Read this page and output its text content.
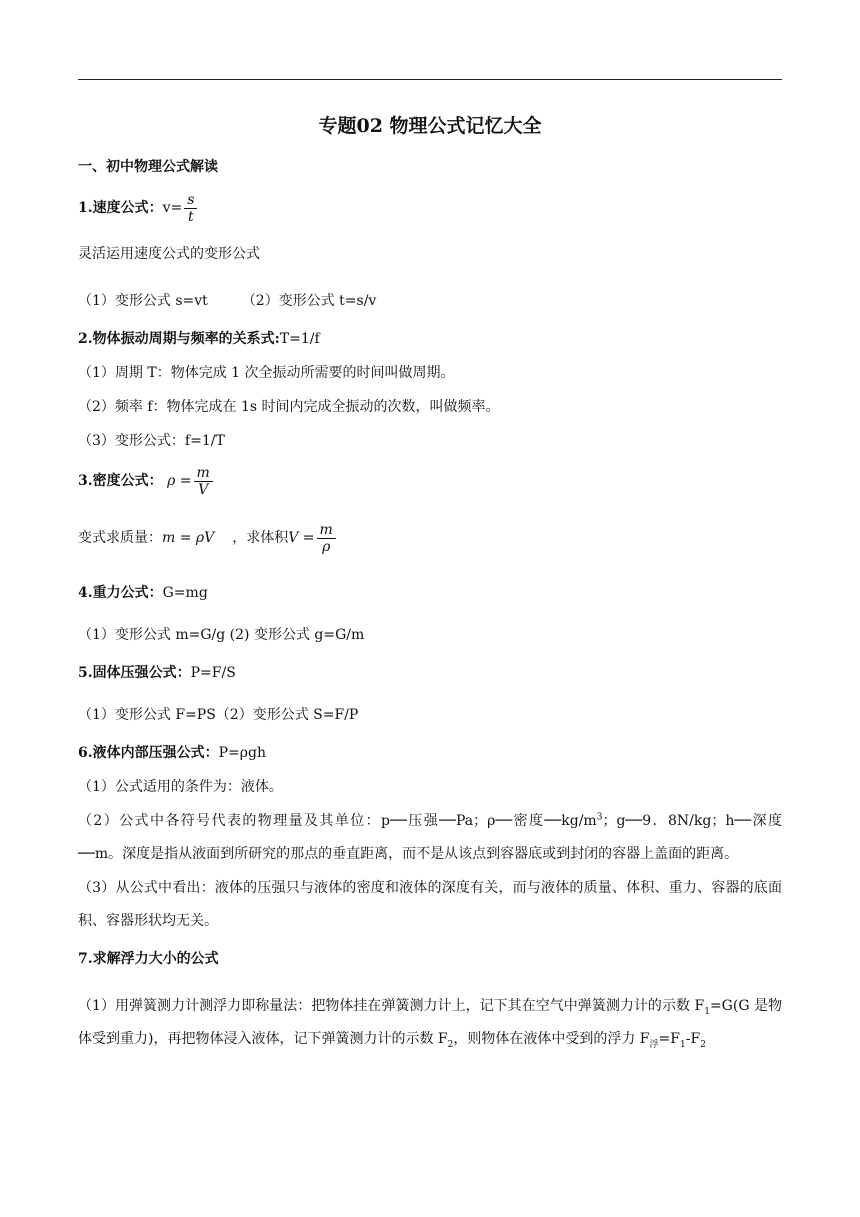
专题02 物理公式记忆大全
一、初中物理公式解读
1.速度公式：$v= \frac{s}{t}$
灵活运用速度公式的变形公式
（1）变形公式 s=vt （2）变形公式 t=s/v
2.物体振动周期与频率的关系式:T=1/f
（1）周期 T：物体完成 1 次全振动所需要的时间叫做周期。
（2）频率 f：物体完成在 1s 时间内完成全振动的次数，叫做频率。
（3）变形公式：f=1/T
3.密度公式： $\rho = \frac{m}{V}$
变式求质量：m = ρV ，求体积$V = \frac{m}{\rho}$
4.重力公式：G=mg
（1）变形公式 m=G/g (2) 变形公式 g=G/m
5.固体压强公式：P=F/S
（1）变形公式 F=PS（2）变形公式 S=F/P
6.液体内部压强公式：P=ρgh
（1）公式适用的条件为：液体。
（2）公式中各符号代表的物理量及其单位：p──压强──Pa；ρ──密度$──kg/m^3$；g──9．8N/kg；h──深度──m。深度是指从液面到所研究的那点的垂直距离，而不是从该点到容器底或到封闭的容器上盖面的距离。
（3）从公式中看出：液体的压强只与液体的密度和液体的深度有关，而与液体的质量、体积、重力、容器的底面积、容器形状均无关。
7.求解浮力大小的公式
（1）用弹簧测力计测浮力即称量法：把物体挂在弹簧测力计上，记下其在空气中弹簧测力计的示数 $F_1=G(G$ 是物体受到重力)，再把物体浸入液体，记下弹簧测力计的示数 $F_2$，则物体在液体中受到的浮力 $F_浮=F_1-F_2$
